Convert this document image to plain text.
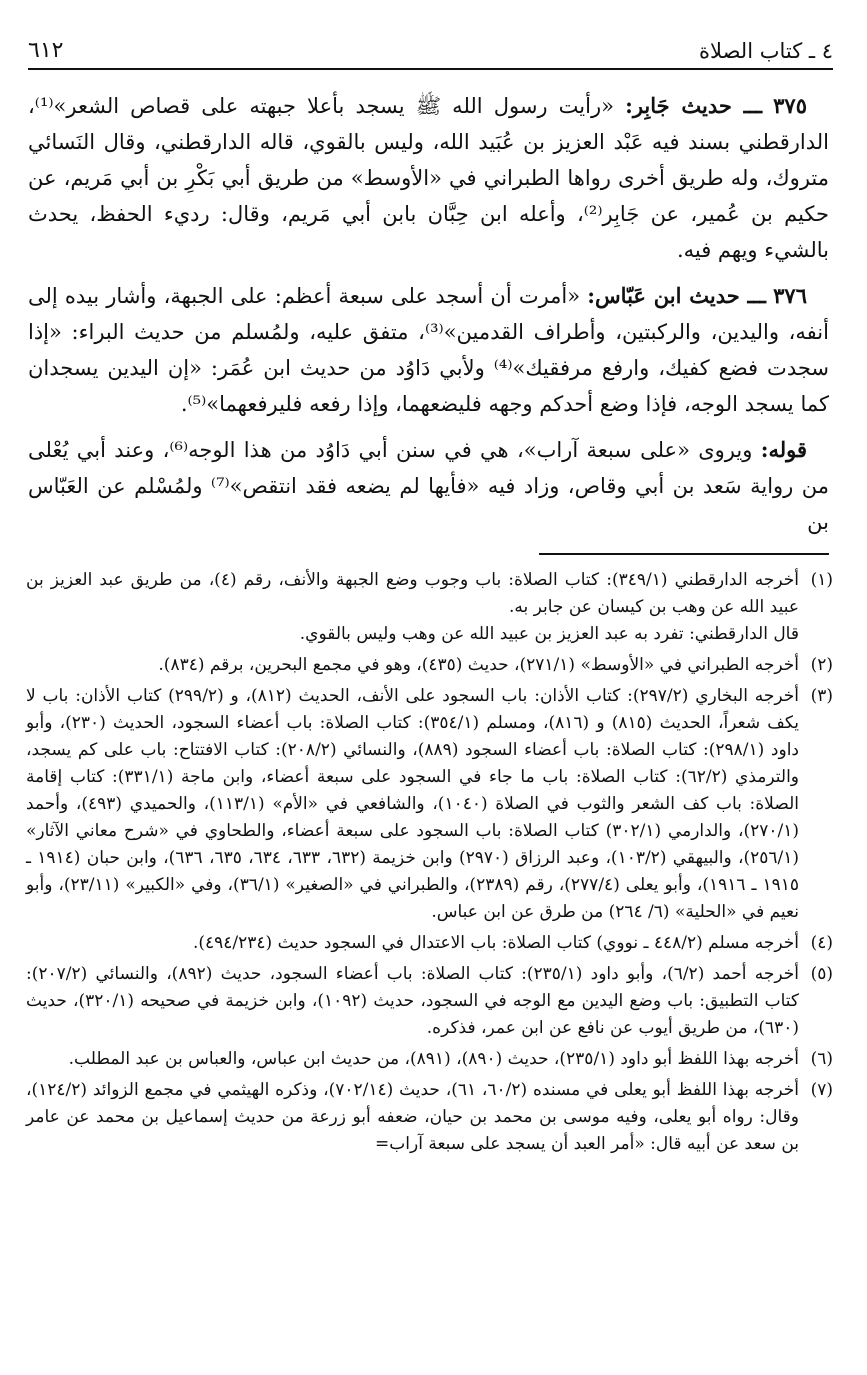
٤ ـ كتاب الصلاة
٦١٢

٣٧٥ ـــ حديث جَابِر: «رأيت رسول الله ﷺ يسجد بأعلا جبهته على قصاص الشعر»⁽¹⁾، الدارقطني بسند فيه عَبْد العزيز بن عُبَيد الله، وليس بالقوي، قاله الدارقطني، وقال النَسائي متروك، وله طريق أخرى رواها الطبراني في «الأوسط» من طريق أبي بَكْرِ بن أبي مَريم، عن حكيم بن عُمير، عن جَابِر⁽²⁾، وأعله ابن حِبَّان بابن أبي مَريم، وقال: رديء الحفظ، يحدث بالشيء ويهم فيه.

٣٧٦ ـــ حديث ابن عَبّاس: «أمرت أن أسجد على سبعة أعظم: على الجبهة، وأشار بيده إلى أنفه، واليدين، والركبتين، وأطراف القدمين»⁽³⁾، متفق عليه، ولمُسلم من حديث البراء: «إذا سجدت فضع كفيك، وارفع مرفقيك»⁽⁴⁾ ولأبي دَاوُد من حديث ابن عُمَر: «إن اليدين يسجدان كما يسجد الوجه، فإذا وضع أحدكم وجهه فليضعهما، وإذا رفعه فليرفعهما»⁽⁵⁾.

قوله: ويروى «على سبعة آراب»، هي في سنن أبي دَاوُد من هذا الوجه⁽⁶⁾، وعند أبي يُعْلى من رواية سَعد بن أبي وقاص، وزاد فيه «فأيها لم يضعه فقد انتقص»⁽⁷⁾ ولمُسْلم عن العَبّاس بن

(١)
أخرجه الدارقطني (٣٤٩/١): كتاب الصلاة: باب وجوب وضع الجبهة والأنف، رقم (٤)، من طريق عبد العزيز بن عبيد الله عن وهب بن كيسان عن جابر به.
قال الدارقطني: تفرد به عبد العزيز بن عبيد الله عن وهب وليس بالقوي.
(٢)
أخرجه الطبراني في «الأوسط» (٢٧١/١)، حديث (٤٣٥)، وهو في مجمع البحرين، برقم (٨٣٤).
(٣)
أخرجه البخاري (٢٩٧/٢): كتاب الأذان: باب السجود على الأنف، الحديث (٨١٢)، و (٢٩٩/٢) كتاب الأذان: باب لا يكف شعراً، الحديث (٨١٥) و (٨١٦)، ومسلم (٣٥٤/١): كتاب الصلاة: باب أعضاء السجود، الحديث (٢٣٠)، وأبو داود (٢٩٨/١): كتاب الصلاة: باب أعضاء السجود (٨٨٩)، والنسائي (٢٠٨/٢): كتاب الافتتاح: باب على كم يسجد، والترمذي (٦٢/٢): كتاب الصلاة: باب ما جاء في السجود على سبعة أعضاء، وابن ماجة (٣٣١/١): كتاب إقامة الصلاة: باب كف الشعر والثوب في الصلاة (١٠٤٠)، والشافعي في «الأم» (١١٣/١)، والحميدي (٤٩٣)، وأحمد (٢٧٠/١)، والدارمي (٣٠٢/١) كتاب الصلاة: باب السجود على سبعة أعضاء، والطحاوي في «شرح معاني الآثار» (٢٥٦/١)، والبيهقي (١٠٣/٢)، وعبد الرزاق (٢٩٧٠) وابن خزيمة (٦٣٢، ٦٣٣، ٦٣٤، ٦٣٥، ٦٣٦)، وابن حبان (١٩١٤ ـ ١٩١٥ ـ ١٩١٦)، وأبو يعلى (٢٧٧/٤)، رقم (٢٣٨٩)، والطبراني في «الصغير» (٣٦/١)، وفي «الكبير» (٢٣/١١)، وأبو نعيم في «الحلية» (٦/ ٢٦٤) من طرق عن ابن عباس.
(٤)
أخرجه مسلم (٤٤٨/٢ ـ نووي) كتاب الصلاة: باب الاعتدال في السجود حديث (٤٩٤/٢٣٤).
(٥)
أخرجه أحمد (٦/٢)، وأبو داود (٢٣٥/١): كتاب الصلاة: باب أعضاء السجود، حديث (٨٩٢)، والنسائي (٢٠٧/٢): كتاب التطبيق: باب وضع اليدين مع الوجه في السجود، حديث (١٠٩٢)، وابن خزيمة في صحيحه (٣٢٠/١)، حديث (٦٣٠)، من طريق أيوب عن نافع عن ابن عمر، فذكره.
(٦)
أخرجه بهذا اللفظ أبو داود (٢٣٥/١)، حديث (٨٩٠)، (٨٩١)، من حديث ابن عباس، والعباس بن عبد المطلب.
(٧)
أخرجه بهذا اللفظ أبو يعلى في مسنده (٦٠/٢، ٦١)، حديث (٧٠٢/١٤)، وذكره الهيثمي في مجمع الزوائد (١٢٤/٢)، وقال: رواه أبو يعلى، وفيه موسى بن محمد بن حيان، ضعفه أبو زرعة من حديث إسماعيل بن محمد عن عامر بن سعد عن أبيه قال: «أمر العبد أن يسجد على سبعة آراب=
